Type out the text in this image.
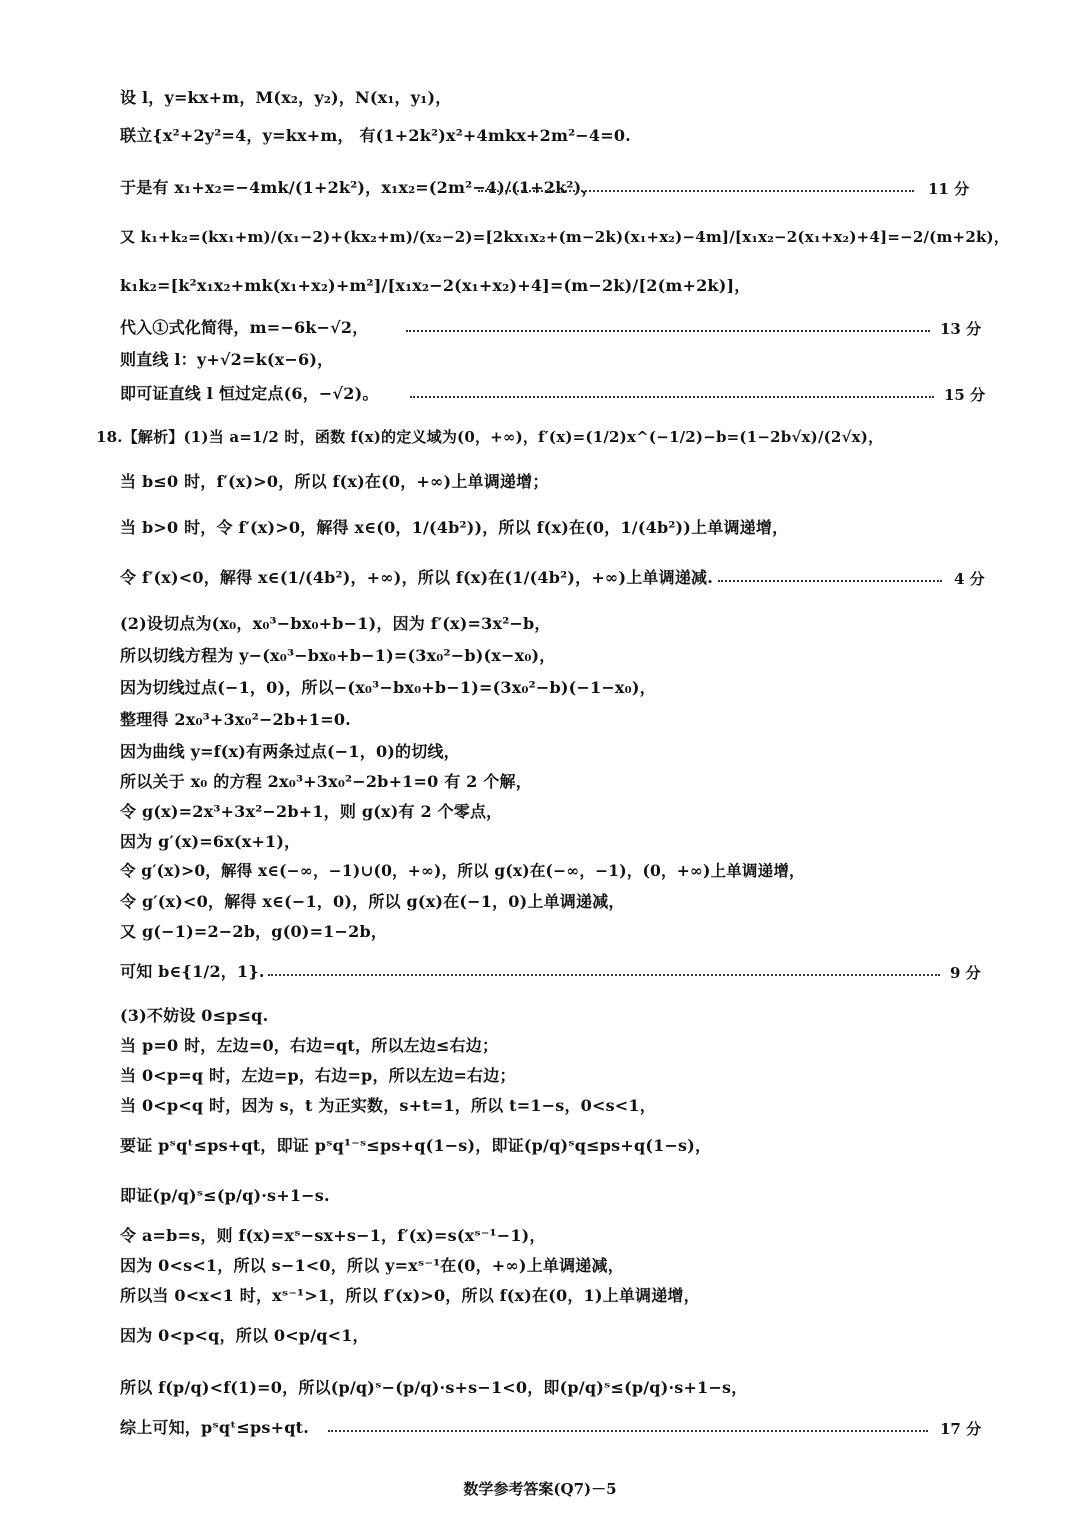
设 l，y=kx+m，M(x₂，y₂)，N(x₁，y₁)，
联立{x²+2y²=4，y=kx+m， 有(1+2k²)x²+4mkx+2m²−4=0.
于是有 x₁+x₂=−4mk/(1+2k²)，x₁x₂=(2m²−4)/(1+2k²)，	11 分
又 k₁+k₂=(kx₁+m)/(x₁−2)+(kx₂+m)/(x₂−2)=[2kx₁x₂+(m−2k)(x₁+x₂)−4m]/[x₁x₂−2(x₁+x₂)+4]=−2/(m+2k)，
k₁k₂=[k²x₁x₂+mk(x₁+x₂)+m²]/[x₁x₂−2(x₁+x₂)+4]=(m−2k)/[2(m+2k)]，
代入①式化简得，m=−6k−√2，	13 分
则直线 l：y+√2=k(x−6)，
即可证直线 l 恒过定点(6，−√2)。	15 分
18.【解析】(1)当 a=1/2 时，函数 f(x)的定义域为(0，+∞)，f′(x)=(1/2)x^(−1/2)−b=(1−2b√x)/(2√x)，
当 b≤0 时，f′(x)>0，所以 f(x)在(0，+∞)上单调递增；
当 b>0 时，令 f′(x)>0，解得 x∈(0，1/(4b²))，所以 f(x)在(0，1/(4b²))上单调递增，
令 f′(x)<0，解得 x∈(1/(4b²)，+∞)，所以 f(x)在(1/(4b²)，+∞)上单调递减.	4 分
(2)设切点为(x₀，x₀³−bx₀+b−1)，因为 f′(x)=3x²−b，
所以切线方程为 y−(x₀³−bx₀+b−1)=(3x₀²−b)(x−x₀)，
因为切线过点(−1，0)，所以−(x₀³−bx₀+b−1)=(3x₀²−b)(−1−x₀)，
整理得 2x₀³+3x₀²−2b+1=0.
因为曲线 y=f(x)有两条过点(−1，0)的切线，
所以关于 x₀ 的方程 2x₀³+3x₀²−2b+1=0 有 2 个解，
令 g(x)=2x³+3x²−2b+1，则 g(x)有 2 个零点，
因为 g′(x)=6x(x+1)，
令 g′(x)>0，解得 x∈(−∞，−1)∪(0，+∞)，所以 g(x)在(−∞，−1)，(0，+∞)上单调递增，
令 g′(x)<0，解得 x∈(−1，0)，所以 g(x)在(−1，0)上单调递减，
又 g(−1)=2−2b，g(0)=1−2b，
可知 b∈{1/2，1}.	9 分
(3)不妨设 0≤p≤q.
当 p=0 时，左边=0，右边=qt，所以左边≤右边；
当 0<p=q 时，左边=p，右边=p，所以左边=右边；
当 0<p<q 时，因为 s，t 为正实数，s+t=1，所以 t=1−s，0<s<1，
要证 pˢqᵗ≤ps+qt，即证 pˢq¹⁻ˢ≤ps+q(1−s)，即证(p/q)ˢq≤ps+q(1−s)，
即证(p/q)ˢ≤(p/q)·s+1−s.
令 a=b=s，则 f(x)=xˢ−sx+s−1，f′(x)=s(xˢ⁻¹−1)，
因为 0<s<1，所以 s−1<0，所以 y=xˢ⁻¹在(0，+∞)上单调递减，
所以当 0<x<1 时，xˢ⁻¹>1，所以 f′(x)>0，所以 f(x)在(0，1)上单调递增，
因为 0<p<q，所以 0<p/q<1，
所以 f(p/q)<f(1)=0，所以(p/q)ˢ−(p/q)·s+s−1<0，即(p/q)ˢ≤(p/q)·s+1−s，
综上可知，pˢqᵗ≤ps+qt.	17 分
数学参考答案(Q7)－5
